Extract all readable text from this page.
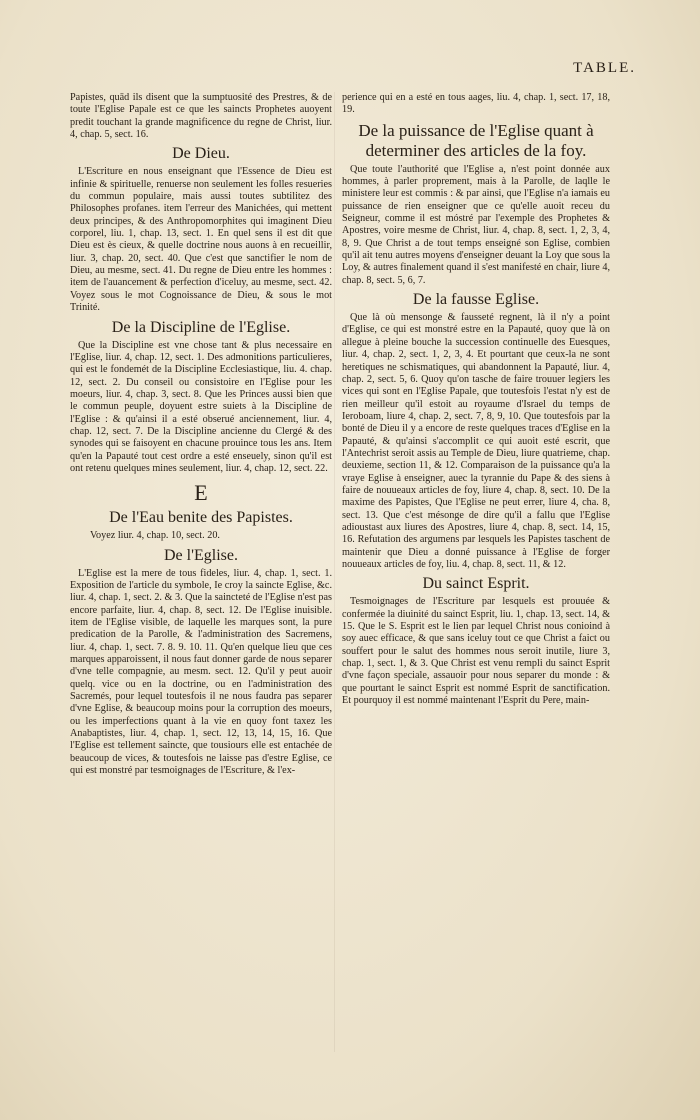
TABLE.

Papistes, quād ils disent que la sumptuosité des Prestres, & de toute l'Eglise Papale est ce que les saincts Prophetes auoyent predit touchant la grande magnificence du regne de Christ, liur. 4, chap. 5, sect. 16.

De Dieu.

L'Escriture en nous enseignant que l'Essence de Dieu est infinie & spirituelle, renuerse non seulement les folles resueries du commun populaire, mais aussi toutes subtilitez des Philosophes profanes. item l'erreur des Manichées, qui mettent deux principes, & des Anthropomorphites qui imaginent Dieu corporel, liu. 1, chap. 13, sect. 1. En quel sens il est dit que Dieu est ès cieux, & quelle doctrine nous auons à en recueillir, liur. 3, chap. 20, sect. 40. Que c'est que sanctifier le nom de Dieu, au mesme, sect. 41. Du regne de Dieu entre les hommes : item de l'auancement & perfection d'iceluy, au mesme, sect. 42. Voyez sous le mot Cognoissance de Dieu, & sous le mot Trinité.

De la Discipline de l'Eglise.

Que la Discipline est vne chose tant & plus necessaire en l'Eglise, liur. 4, chap. 12, sect. 1. Des admonitions particulieres, qui est le fondemét de la Discipline Ecclesiastique, liu. 4. chap. 12, sect. 2. Du conseil ou consistoire en l'Eglise pour les moeurs, liur. 4, chap. 3, sect. 8. Que les Princes aussi bien que le commun peuple, doyuent estre suiets à la Discipline de l'Eglise : & qu'ainsi il a esté obserué anciennement, liur. 4, chap. 12, sect. 7. De la Discipline ancienne du Clergé & des synodes qui se faisoyent en chacune prouince tous les ans. Item qu'en la Papauté tout cest ordre a esté enseuely, sinon qu'il est ont retenu quelques mines seulement, liur. 4, chap. 12, sect. 22.

E
De l'Eau benite des Papistes.
Voyez liur. 4, chap. 10, sect. 20.
De l'Eglise.

L'Eglise est la mere de tous fideles, liur. 4, chap. 1, sect. 1. Exposition de l'article du symbole, Ie croy la saincte Eglise, &c. liur. 4, chap. 1, sect. 2. & 3. Que la saincteté de l'Eglise n'est pas encore parfaite, liur. 4, chap. 8, sect. 12. De l'Eglise inuisible. item de l'Eglise visible, de laquelle les marques sont, la pure predication de la Parolle, & l'administration des Sacremens, liur. 4, chap. 1, sect. 7. 8. 9. 10. 11. Qu'en quelque lieu que ces marques apparoissent, il nous faut donner garde de nous separer d'vne telle compagnie, au mesm. sect. 12. Qu'il y peut auoir quelq. vice ou en la doctrine, ou en l'administration des Sacremés, pour lequel toutesfois il ne nous faudra pas separer d'vne Eglise, & beaucoup moins pour la corruption des moeurs, ou les imperfections quant à la vie en quoy font taxez les Anabaptistes, liur. 4, chap. 1, sect. 12, 13, 14, 15, 16. Que l'Eglise est tellement saincte, que tousiours elle est entachée de beaucoup de vices, & toutesfois ne laisse pas d'estre Eglise, ce qui est monstré par tesmoignages de l'Escriture, & l'ex-

perience qui en a esté en tous aages, liu. 4, chap. 1, sect. 17, 18, 19.

De la puissance de l'Eglise quant à determiner des articles de la foy.

Que toute l'authorité que l'Eglise a, n'est point donnée aux hommes, à parler proprement, mais à la Parolle, de laqlle le ministere leur est commis : & par ainsi, que l'Eglise n'a iamais eu puissance de rien enseigner que ce qu'elle auoit receu du Seigneur, comme il est móstré par l'exemple des Prophetes & Apostres, voire mesme de Christ, liur. 4, chap. 8, sect. 1, 2, 3, 4, 8, 9. Que Christ a de tout temps enseigné son Eglise, combien qu'il ait tenu autres moyens d'enseigner deuant la Loy que sous la Loy, & autres finalement quand il s'est manifesté en chair, liure 4, chap. 8, sect. 5, 6, 7.

De la fausse Eglise.

Que là où mensonge & fausseté regnent, là il n'y a point d'Eglise, ce qui est monstré estre en la Papauté, quoy que là on allegue à pleine bouche la succession continuelle des Euesques, liur. 4, chap. 2, sect. 1, 2, 3, 4. Et pourtant que ceux-la ne sont heretiques ne schismatiques, qui abandonnent la Papauté, liur. 4, chap. 2, sect. 5, 6. Quoy qu'on tasche de faire trouuer legiers les vices qui sont en l'Eglise Papale, que toutesfois l'estat n'y est de rien meilleur qu'il estoit au royaume d'Israel du temps de Ieroboam, liure 4, chap. 2, sect. 7, 8, 9, 10. Que toutesfois par la bonté de Dieu il y a encore de reste quelques traces d'Eglise en la Papauté, & qu'ainsi s'accomplit ce qui auoit esté escrit, que l'Antechrist seroit assis au Temple de Dieu, liure quatrieme, chap. deuxieme, section 11, & 12. Comparaison de la puissance qu'a la vraye Eglise à enseigner, auec la tyrannie du Pape & des siens à faire de nouueaux articles de foy, liure 4, chap. 8, sect. 10. De la maxime des Papistes, Que l'Eglise ne peut errer, liure 4, cha. 8, sect. 13. Que c'est mésonge de dire qu'il a fallu que l'Eglise adioustast aux liures des Apostres, liure 4, chap. 8, sect. 14, 15, 16. Refutation des argumens par lesquels les Papistes taschent de maintenir que Dieu a donné puissance à l'Eglise de forger nouueaux articles de foy, liu. 4, chap. 8, sect. 11, & 12.

Du sainct Esprit.

Tesmoignages de l'Escriture par lesquels est prouuée & confermée la diuinité du sainct Esprit, liu. 1, chap. 13, sect. 14, & 15. Que le S. Esprit est le lien par lequel Christ nous conioind à soy auec efficace, & que sans iceluy tout ce que Christ a faict ou souffert pour le salut des hommes nous seroit inutile, liure 3, chap. 1, sect. 1, & 3. Que Christ est venu rempli du sainct Esprit d'vne façon speciale, assauoir pour nous separer du monde : & que pourtant le sainct Esprit est nommé Esprit de sanctification. Et pourquoy il est nommé maintenant l'Esprit du Pere, main-
